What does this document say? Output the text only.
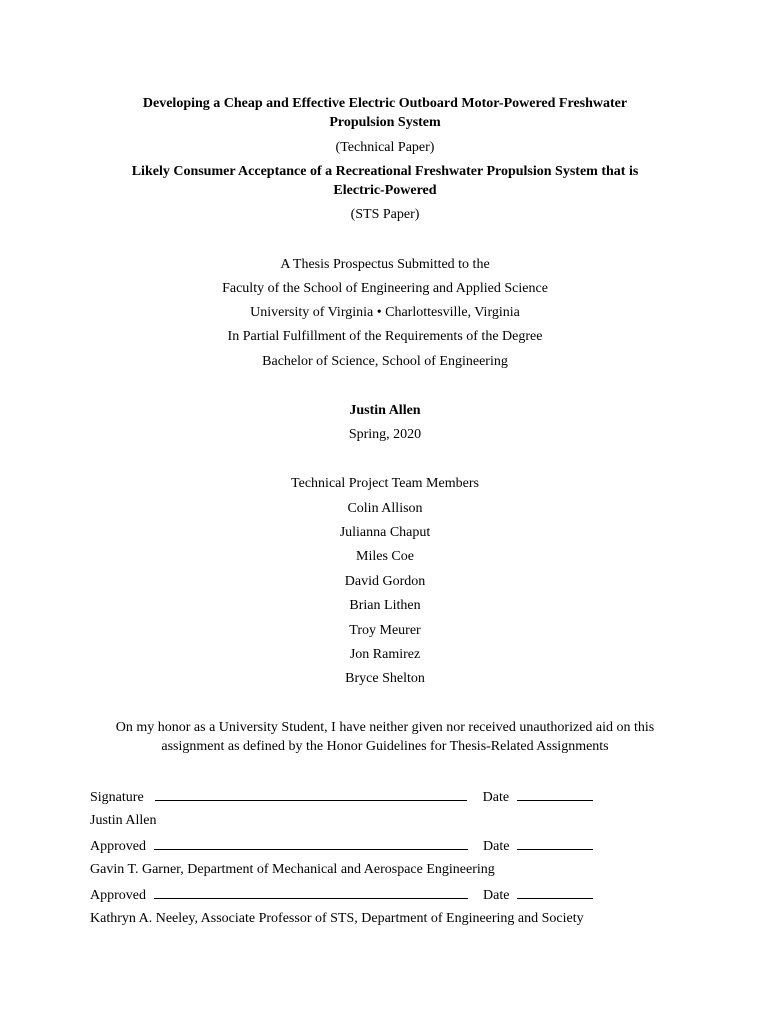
Developing a Cheap and Effective Electric Outboard Motor-Powered Freshwater
Propulsion System
(Technical Paper)
Likely Consumer Acceptance of a Recreational Freshwater Propulsion System that is
Electric-Powered
(STS Paper)
A Thesis Prospectus Submitted to the
Faculty of the School of Engineering and Applied Science
University of Virginia • Charlottesville, Virginia
In Partial Fulfillment of the Requirements of the Degree
Bachelor of Science, School of Engineering
Justin Allen
Spring, 2020
Technical Project Team Members
Colin Allison
Julianna Chaput
Miles Coe
David Gordon
Brian Lithen
Troy Meurer
Jon Ramirez
Bryce Shelton
On my honor as a University Student, I have neither given nor received unauthorized aid on this
assignment as defined by the Honor Guidelines for Thesis-Related Assignments
Signature	Date
Justin Allen
Approved	Date
Gavin T. Garner, Department of Mechanical and Aerospace Engineering
Approved	Date
Kathryn A. Neeley, Associate Professor of STS, Department of Engineering and Society
